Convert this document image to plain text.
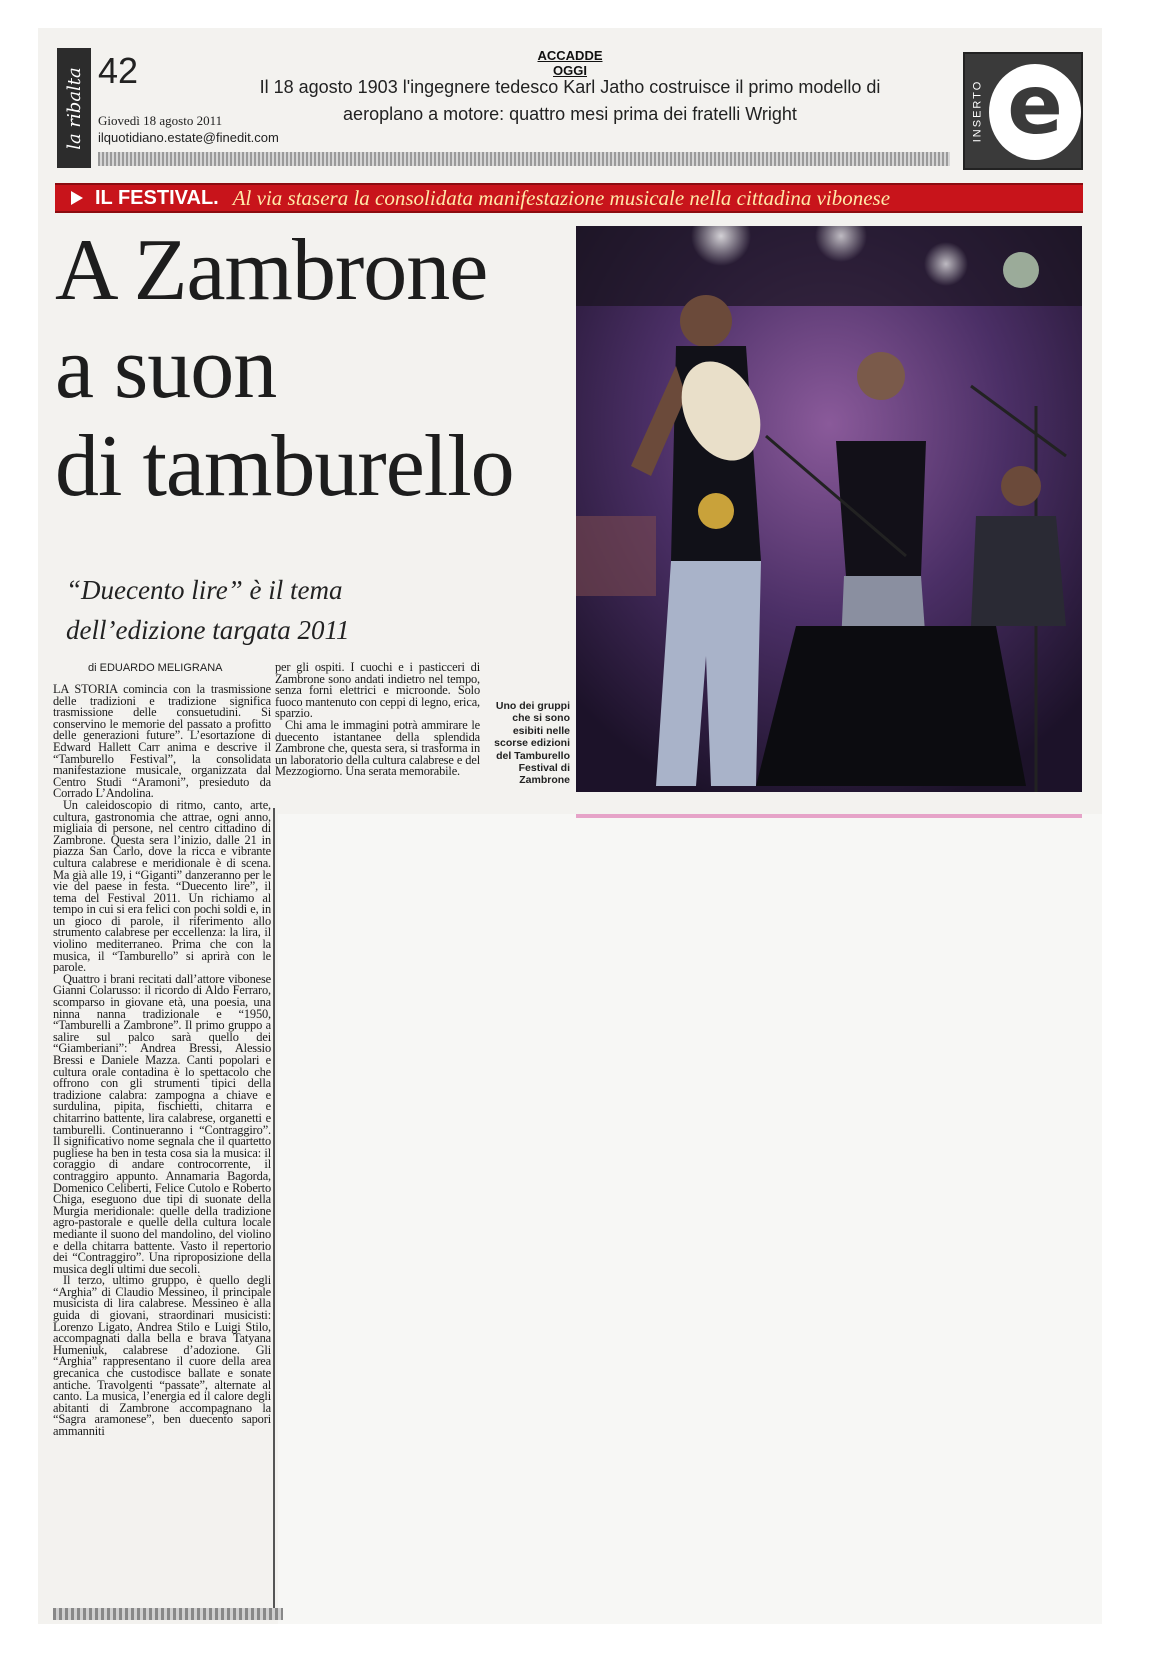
la ribalta 42
Giovedì 18 agosto 2011
ilquotidiano.estate@finedit.com
ACCADDE OGGI
Il 18 agosto 1903 l'ingegnere tedesco Karl Jatho costruisce il primo modello di aeroplano a motore: quattro mesi prima dei fratelli Wright	INSERTO e
IL FESTIVAL. Al via stasera la consolidata manifestazione musicale nella cittadina vibonese
A Zambrone
a suon
di tamburello
“Duecento lire” è il tema dell’edizione targata 2011
di EDUARDO MELIGRANA

LA STORIA comincia con la trasmissione delle tradizioni e tradizione significa trasmissione delle consuetudini. Si conservino le memorie del passato a profitto delle generazioni future”. L’esortazione di Edward Hallett Carr anima e descrive il “Tamburello Festival”, la consolidata manifestazione musicale, organizzata dal Centro Studi “Aramoni”, presieduto da Corrado L’Andolina.

Un caleidoscopio di ritmo, canto, arte, cultura, gastronomia che attrae, ogni anno, migliaia di persone, nel centro cittadino di Zambrone. Questa sera l’inizio, dalle 21 in piazza San Carlo, dove la ricca e vibrante cultura calabrese e meridionale è di scena. Ma già alle 19, i “Giganti” danzeranno per le vie del paese in festa. “Duecento lire”, il tema del Festival 2011. Un richiamo al tempo in cui si era felici con pochi soldi e, in un gioco di parole, il riferimento allo strumento calabrese per eccellenza: la lira, il violino mediterraneo. Prima che con la musica, il “Tamburello” si aprirà con le parole.

Quattro i brani recitati dall’attore vibonese Gianni Colarusso: il ricordo di Aldo Ferraro, scomparso in giovane età, una poesia, una ninna nanna tradizionale e “1950, “Tamburelli a Zambrone”. Il primo gruppo a salire sul palco sarà quello dei “Giamberiani”: Andrea Bressi, Alessio Bressi e Daniele Mazza. Canti popolari e cultura orale contadina è lo spettacolo che offrono con gli strumenti tipici della tradizione calabra: zampogna a chiave e surdulina, pipita, fischietti, chitarra e chitarrino battente, lira calabrese, organetti e tamburelli. Continueranno i “Contraggiro”. Il significativo nome segnala che il quartetto pugliese ha ben in testa cosa sia la musica: il coraggio di andare controcorrente, il contraggiro appunto. Annamaria Bagorda, Domenico Celiberti, Felice Cutolo e Roberto Chiga, eseguono due tipi di suonate della Murgia meridionale: quelle della tradizione agro-pastorale e quelle della cultura locale mediante il suono del mandolino, del violino e della chitarra battente. Vasto il repertorio dei “Contraggiro”. Una riproposizione della musica degli ultimi due secoli.

Il terzo, ultimo gruppo, è quello degli “Arghia” di Claudio Messineo, il principale musicista di lira calabrese. Messineo è alla guida di giovani, straordinari musicisti: Lorenzo Ligato, Andrea Stilo e Luigi Stilo, accompagnati dalla bella e brava Tatyana Humeniuk, calabrese d’adozione. Gli “Arghia” rappresentano il cuore della area grecanica che custodisce ballate e sonate antiche. Travolgenti “passate”, alternate al canto. La musica, l’energia ed il calore degli abitanti di Zambrone accompagnano la “Sagra aramonese”, ben duecento sapori ammanniti

per gli ospiti. I cuochi e i pasticceri di Zambrone sono andati indietro nel tempo, senza forni elettrici e microonde. Solo fuoco mantenuto con ceppi di legno, erica, sparzio.

Chi ama le immagini potrà ammirare le duecento istantanee della splendida Zambrone che, questa sera, si trasforma in un laboratorio della cultura calabrese e del Mezzogiorno. Una serata memorabile.

Uno dei gruppi che si sono esibiti nelle scorse edizioni del Tamburello Festival di Zambrone
